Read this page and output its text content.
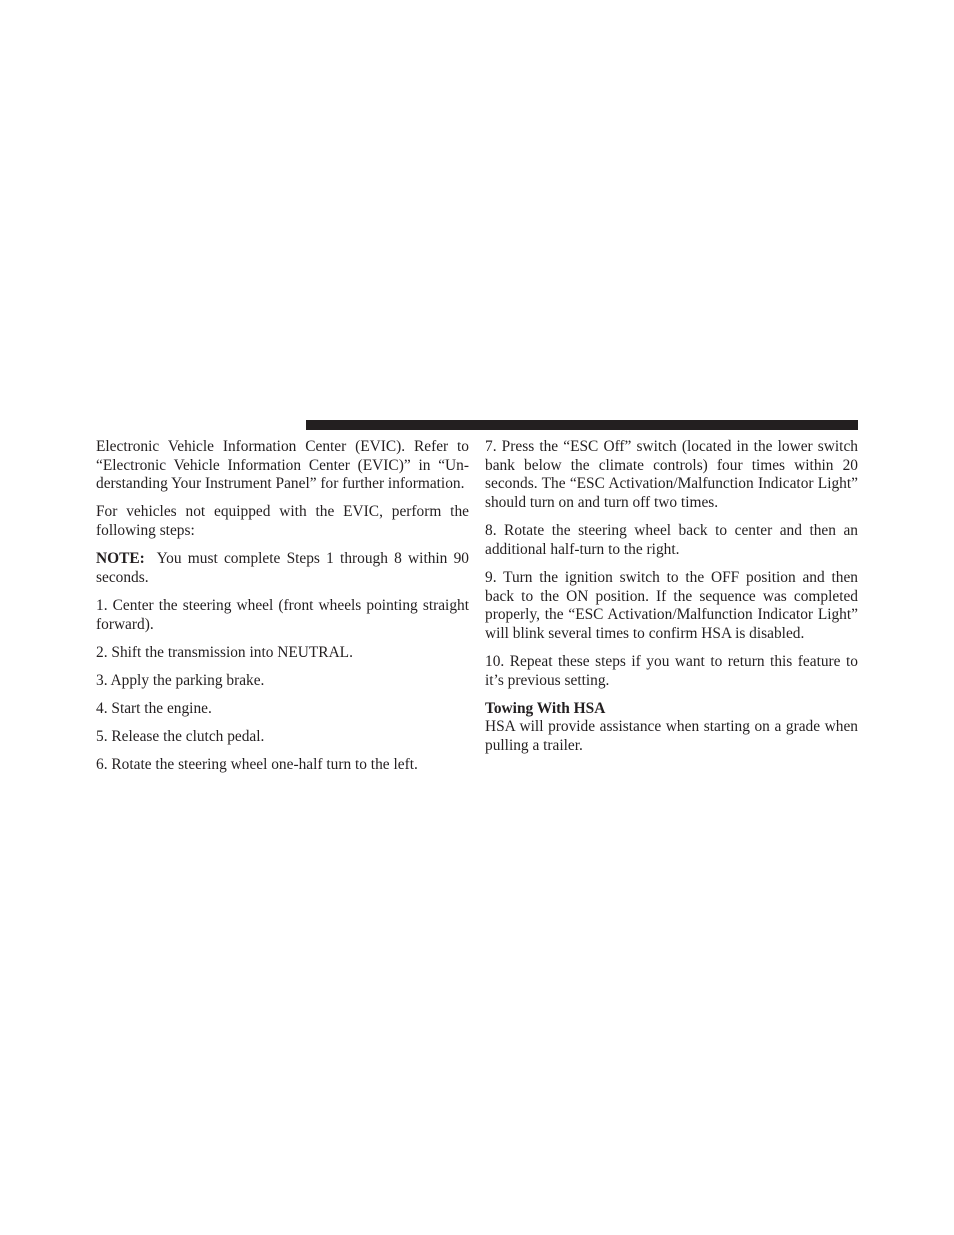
Electronic Vehicle Information Center (EVIC). Refer to “Electronic Vehicle Information Center (EVIC)” in “Understanding Your Instrument Panel” for further information.

For vehicles not equipped with the EVIC, perform the following steps:

NOTE:  You must complete Steps 1 through 8 within 90 seconds.

1. Center the steering wheel (front wheels pointing straight forward).

2. Shift the transmission into NEUTRAL.

3. Apply the parking brake.

4. Start the engine.

5. Release the clutch pedal.

6. Rotate the steering wheel one-half turn to the left.

7. Press the “ESC Off” switch (located in the lower switch bank below the climate controls) four times within 20 seconds. The “ESC Activation/Malfunction Indicator Light” should turn on and turn off two times.

8. Rotate the steering wheel back to center and then an additional half-turn to the right.

9. Turn the ignition switch to the OFF position and then back to the ON position. If the sequence was completed properly, the “ESC Activation/Malfunction Indicator Light” will blink several times to confirm HSA is disabled.

10. Repeat these steps if you want to return this feature to it’s previous setting.

Towing With HSA

HSA will provide assistance when starting on a grade when pulling a trailer.
